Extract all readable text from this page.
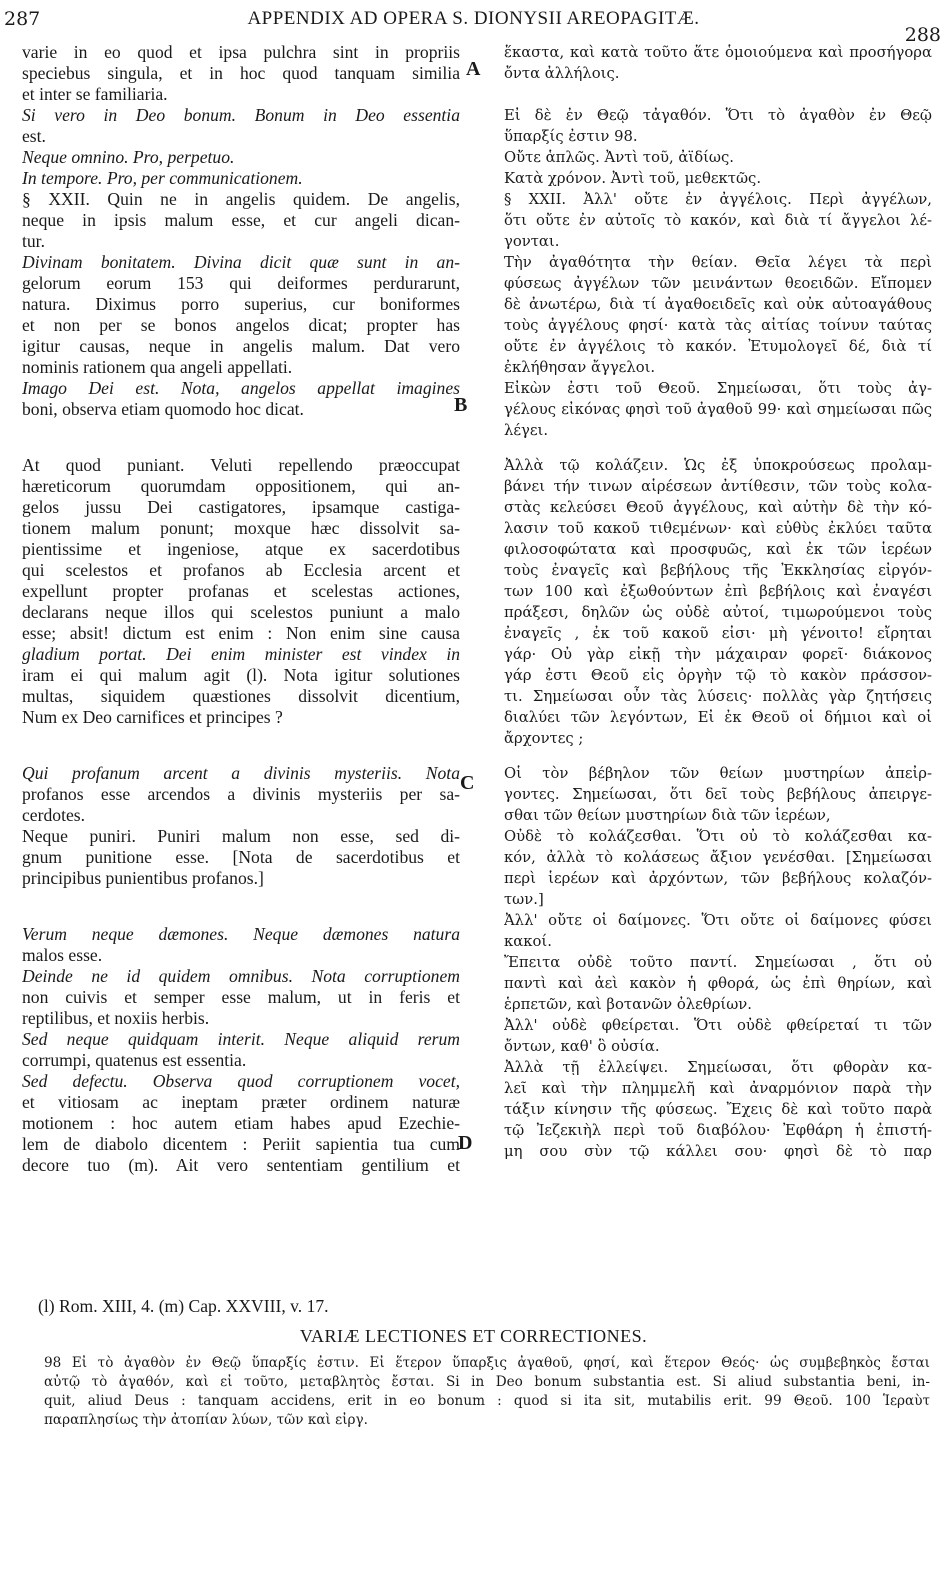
287	APPENDIX AD OPERA S. DIONYSII AREOPAGITÆ.
288
varie in eo quod et ipsa pulchra sint in propriis
speciebus singula, et in hoc quod tanquam similia
et inter se familiaria.
Si vero in Deo bonum. Bonum in Deo essentia
est.
Neque omnino. Pro, perpetuo.
In tempore. Pro, per communicationem.
§ XXII. Quin ne in angelis quidem. De angelis,
neque in ipsis malum esse, et cur angeli dican-
tur.
Divinam bonitatem. Divina dicit quæ sunt in an-
gelorum eorum 153 qui deiformes perdurarunt,
natura. Diximus porro superius, cur boniformes
et non per se bonos angelos dicat; propter has
igitur causas, neque in angelis malum. Dat vero
nominis rationem qua angeli appellati.
Imago Dei est. Nota, angelos appellat imagines
boni, observa etiam quomodo hoc dicat.
At quod puniant. Veluti repellendo præoccupat
hæreticorum quorumdam oppositionem, qui an-
gelos jussu Dei castigatores, ipsamque castiga-
tionem malum ponunt; moxque hæc dissolvit sa-
pientissime et ingeniose, atque ex sacerdotibus
qui scelestos et profanos ab Ecclesia arcent et
expellunt propter profanas et scelestas actiones,
declarans neque illos qui scelestos puniunt a malo
esse; absit! dictum est enim : Non enim sine causa
gladium portat. Dei enim minister est vindex in
iram ei qui malum agit (l). Nota igitur solutiones
multas, siquidem quæstiones dissolvit dicentium,
Num ex Deo carnifices et principes ?
Qui profanum arcent a divinis mysteriis. Nota
profanos esse arcendos a divinis mysteriis per sa-
cerdotes.
Neque puniri. Puniri malum non esse, sed di-
gnum punitione esse. [Nota de sacerdotibus et
principibus punientibus profanos.]
Verum neque dæmones. Neque dæmones natura
malos esse.
Deinde ne id quidem omnibus. Nota corruptionem
non cuivis et semper esse malum, ut in feris et
reptilibus, et noxiis herbis.
Sed neque quidquam interit. Neque aliquid rerum
corrumpi, quatenus est essentia.
Sed defectu. Observa quod corruptionem vocet,
et vitiosam ac ineptam præter ordinem naturæ
motionem : hoc autem etiam habes apud Ezechie-
lem de diabolo dicentem : Periit sapientia tua cum
decore tuo (m). Ait vero sententiam gentilium et
ἕκαστα, καὶ κατὰ τοῦτο ἅτε ὁμοιούμενα καὶ προσήγορα
ὄντα ἀλλήλοις.
Εἰ δὲ ἐν Θεῷ τἀγαθόν. Ὅτι τὸ ἀγαθὸν ἐν Θεῷ
ὕπαρξίς ἐστιν 98.
Οὔτε ἁπλῶς. Ἀντὶ τοῦ, ἀϊδίως.
Κατὰ χρόνον. Ἀντὶ τοῦ, μεθεκτῶς.
§ XXII. Ἀλλ' οὔτε ἐν ἀγγέλοις. Περὶ ἀγγέλων,
ὅτι οὔτε ἐν αὐτοῖς τὸ κακόν, καὶ διὰ τί ἄγγελοι λέ-
γονται.
Τὴν ἀγαθότητα τὴν θείαν. Θεῖα λέγει τὰ περὶ
φύσεως ἀγγέλων τῶν μεινάντων θεοειδῶν. Εἴπομεν
δὲ ἀνωτέρω, διὰ τί ἀγαθοειδεῖς καὶ οὐκ αὐτοαγάθους
τοὺς ἀγγέλους φησί· κατὰ τὰς αἰτίας τοίνυν ταύτας
οὔτε ἐν ἀγγέλοις τὸ κακόν. Ἐτυμολογεῖ δέ, διὰ τί
ἐκλήθησαν ἄγγελοι.
Εἰκὼν ἐστι τοῦ Θεοῦ. Σημείωσαι, ὅτι τοὺς ἀγ-
γέλους εἰκόνας φησὶ τοῦ ἀγαθοῦ 99· καὶ σημείωσαι πῶς
λέγει.
Ἀλλὰ τῷ κολάζειν. Ὡς ἐξ ὑποκρούσεως προλαμ-
βάνει τήν τινων αἱρέσεων ἀντίθεσιν, τῶν τοὺς κολα-
στὰς κελεύσει Θεοῦ ἀγγέλους, καὶ αὐτὴν δὲ τὴν κό-
λασιν τοῦ κακοῦ τιθεμένων· καὶ εὐθὺς ἐκλύει ταῦτα
φιλοσοφώτατα καὶ προσφυῶς, καὶ ἐκ τῶν ἱερέων
τοὺς ἐναγεῖς καὶ βεβήλους τῆς Ἐκκλησίας εἰργόν-
των 100 καὶ ἐξωθούντων ἐπὶ βεβήλοις καὶ ἐναγέσι
πράξεσι, δηλῶν ὡς οὐδὲ αὐτοί, τιμωρούμενοι τοὺς
ἐναγεῖς , ἐκ τοῦ κακοῦ εἰσι· μὴ γένοιτο! εἴρηται
γάρ· Οὐ γὰρ εἰκῇ τὴν μάχαιραν φορεῖ· διάκονος
γάρ ἐστι Θεοῦ εἰς ὀργὴν τῷ τὸ κακὸν πράσσον-
τι. Σημείωσαι οὖν τὰς λύσεις· πολλὰς γὰρ ζητήσεις
διαλύει τῶν λεγόντων, Εἰ ἐκ Θεοῦ οἱ δήμιοι καὶ οἱ
ἄρχοντες ;
Οἱ τὸν βέβηλον τῶν θείων μυστηρίων ἀπεἰρ-
γοντες. Σημείωσαι, ὅτι δεῖ τοὺς βεβήλους ἀπειργε-
σθαι τῶν θείων μυστηρίων διὰ τῶν ἱερέων,
Οὐδὲ τὸ κολάζεσθαι. Ὅτι οὐ τὸ κολάζεσθαι κα-
κόν, ἀλλὰ τὸ κολάσεως ἄξιον γενέσθαι. [Σημείωσαι
περὶ ἱερέων καὶ ἀρχόντων, τῶν βεβήλους κολαζόν-
των.]
Ἀλλ' οὔτε οἱ δαίμονες. Ὅτι οὔτε οἱ δαίμονες φύσει
κακοί.
Ἔπειτα οὐδὲ τοῦτο παντί. Σημείωσαι , ὅτι οὐ
παντὶ καὶ ἀεὶ κακὸν ἡ φθορά, ὡς ἐπὶ θηρίων, καὶ
ἑρπετῶν, καὶ βοτανῶν ὀλεθρίων.
Ἀλλ' οὐδὲ φθείρεται. Ὅτι οὐδὲ φθείρεταί τι τῶν
ὄντων, καθ' ὃ οὐσία.
Ἀλλὰ τῇ ἐλλείψει. Σημείωσαι, ὅτι φθορὰν κα-
λεῖ καὶ τὴν πλημμελῆ καὶ ἀναρμόνιον παρὰ τὴν
τάξιν κίνησιν τῆς φύσεως. Ἔχεις δὲ καὶ τοῦτο παρὰ
τῷ Ἰεζεκιὴλ περὶ τοῦ διαβόλου· Ἐφθάρη ἡ ἐπιστή-
μη σου σὺν τῷ κάλλει σου· φησὶ δὲ τὸ παρ
A
B
C
D
(l) Rom. XIII, 4. (m) Cap. XXVIII, v. 17.
VARIÆ LECTIONES ET CORRECTIONES.
98 Εἰ τὸ ἀγαθὸν ἐν Θεῷ ὕπαρξίς ἐστιν. Εἰ ἕτερον ὕπαρξις ἀγαθοῦ, φησί, καὶ ἕτερον Θεός· ὡς συμβεβηκὸς ἔσται
αὐτῷ τὸ ἀγαθόν, καὶ εἰ τοῦτο, μεταβλητὸς ἔσται. Si in Deo bonum substantia est. Si aliud substantia beni, in-
quit, aliud Deus : tanquam accidens, erit in eo bonum : quod si ita sit, mutabilis erit. 99 Θεοῦ. 100 Ἱεραὺτ
παραπλησίως τὴν ἀτοπίαν λύων, τῶν καὶ εἰργ.
